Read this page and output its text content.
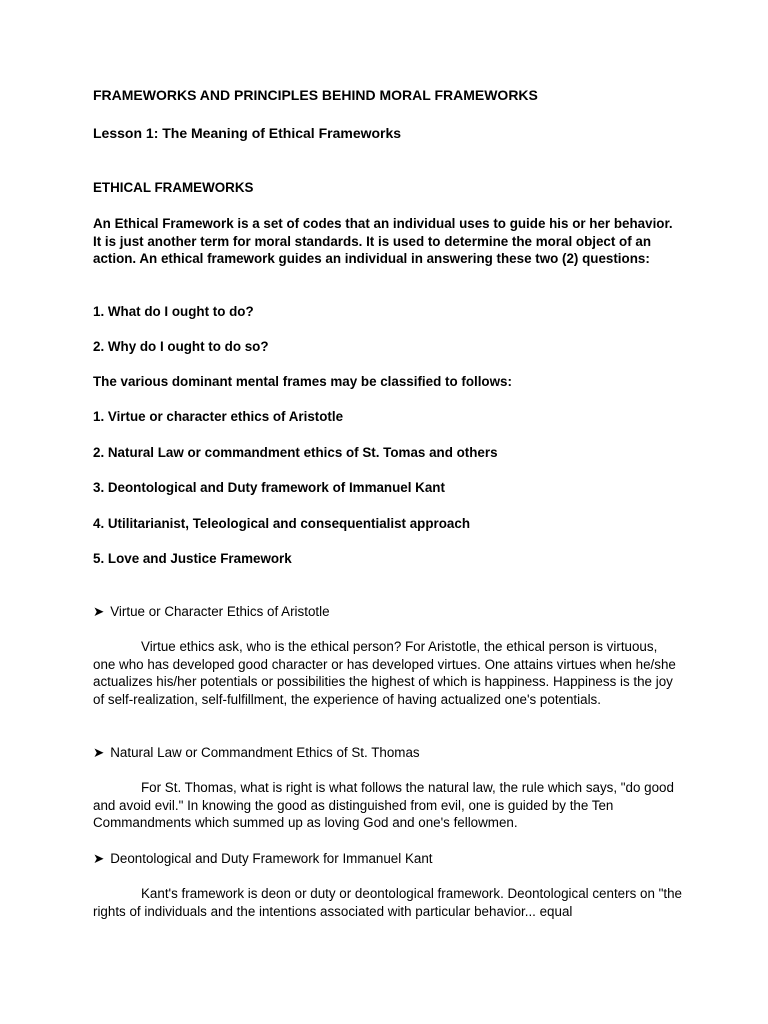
FRAMEWORKS AND PRINCIPLES BEHIND MORAL FRAMEWORKS

Lesson 1: The Meaning of Ethical Frameworks

ETHICAL FRAMEWORKS

An Ethical Framework is a set of codes that an individual uses to guide his or her behavior. It is just another term for moral standards. It is used to determine the moral object of an action. An ethical framework guides an individual in answering these two (2) questions:

1. What do I ought to do?

2. Why do I ought to do so?

The various dominant mental frames may be classified to follows:

1. Virtue or character ethics of Aristotle

2. Natural Law or commandment ethics of St. Tomas and others

3. Deontological and Duty framework of Immanuel Kant

4. Utilitarianist, Teleological and consequentialist approach

5. Love and Justice Framework

➤ Virtue or Character Ethics of Aristotle

Virtue ethics ask, who is the ethical person? For Aristotle, the ethical person is virtuous, one who has developed good character or has developed virtues. One attains virtues when he/she actualizes his/her potentials or possibilities the highest of which is happiness. Happiness is the joy of self-realization, self-fulfillment, the experience of having actualized one's potentials.

➤ Natural Law or Commandment Ethics of St. Thomas

For St. Thomas, what is right is what follows the natural law, the rule which says, "do good and avoid evil." In knowing the good as distinguished from evil, one is guided by the Ten Commandments which summed up as loving God and one's fellowmen.

➤ Deontological and Duty Framework for Immanuel Kant

Kant's framework is deon or duty or deontological framework. Deontological centers on "the rights of individuals and the intentions associated with particular behavior... equal
